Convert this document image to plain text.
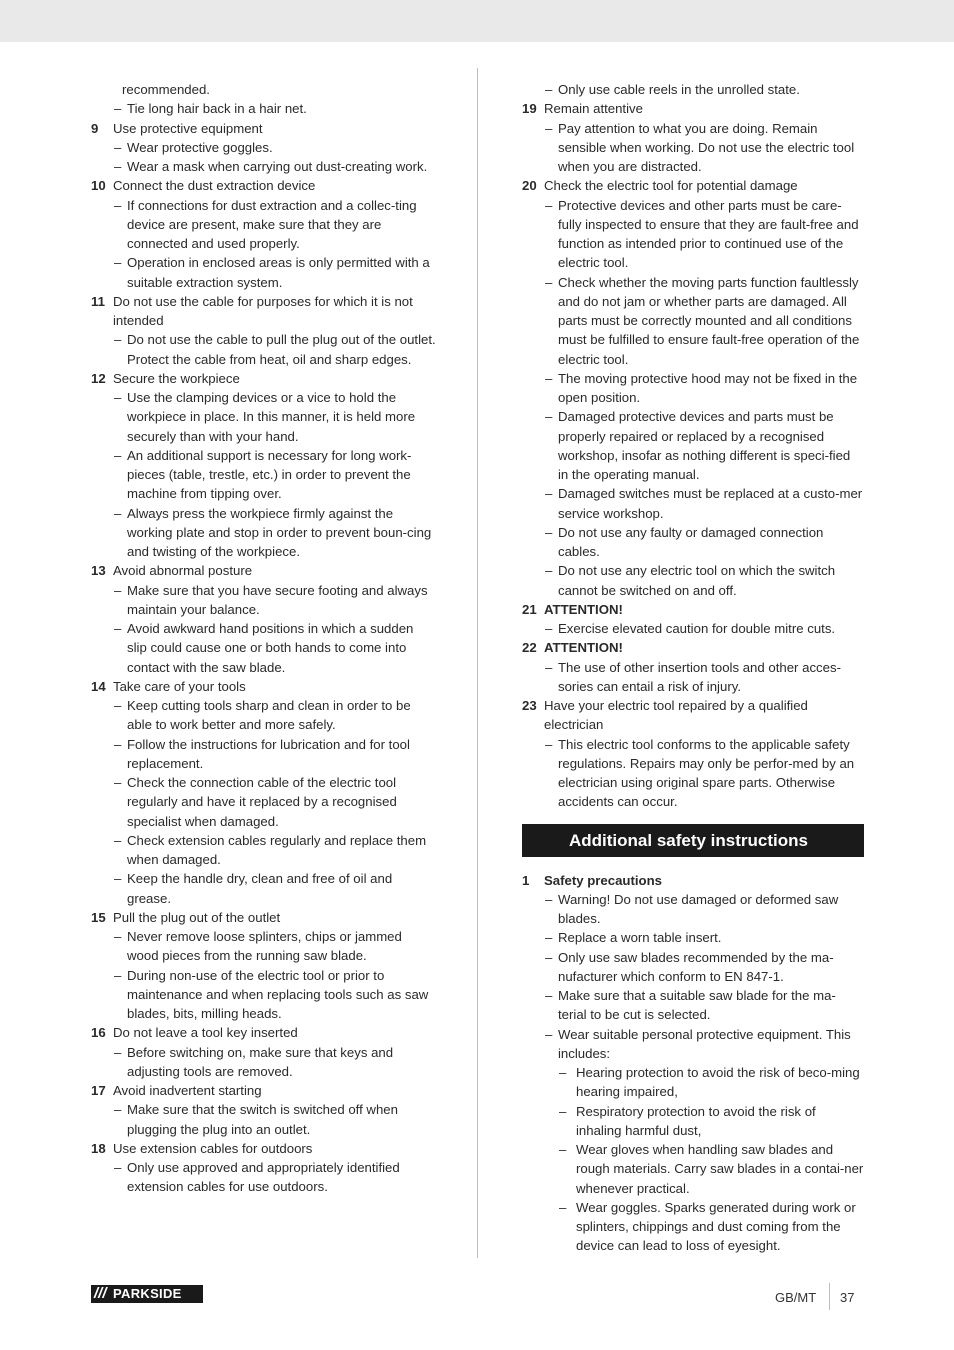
recommended.
– Tie long hair back in a hair net.
9 Use protective equipment
– Wear protective goggles.
– Wear a mask when carrying out dust-creating work.
10 Connect the dust extraction device
– If connections for dust extraction and a collec-ting device are present, make sure that they are connected and used properly.
– Operation in enclosed areas is only permitted with a suitable extraction system.
11 Do not use the cable for purposes for which it is not intended
– Do not use the cable to pull the plug out of the outlet. Protect the cable from heat, oil and sharp edges.
12 Secure the workpiece
– Use the clamping devices or a vice to hold the workpiece in place. In this manner, it is held more securely than with your hand.
– An additional support is necessary for long work-pieces (table, trestle, etc.) in order to prevent the machine from tipping over.
– Always press the workpiece firmly against the working plate and stop in order to prevent boun-cing and twisting of the workpiece.
13 Avoid abnormal posture
– Make sure that you have secure footing and always maintain your balance.
– Avoid awkward hand positions in which a sudden slip could cause one or both hands to come into contact with the saw blade.
14 Take care of your tools
– Keep cutting tools sharp and clean in order to be able to work better and more safely.
– Follow the instructions for lubrication and for tool replacement.
– Check the connection cable of the electric tool regularly and have it replaced by a recognised specialist when damaged.
– Check extension cables regularly and replace them when damaged.
– Keep the handle dry, clean and free of oil and grease.
15 Pull the plug out of the outlet
– Never remove loose splinters, chips or jammed wood pieces from the running saw blade.
– During non-use of the electric tool or prior to maintenance and when replacing tools such as saw blades, bits, milling heads.
16 Do not leave a tool key inserted
– Before switching on, make sure that keys and adjusting tools are removed.
17 Avoid inadvertent starting
– Make sure that the switch is switched off when plugging the plug into an outlet.
18 Use extension cables for outdoors
– Only use approved and appropriately identified extension cables for use outdoors.
– Only use cable reels in the unrolled state.
19 Remain attentive
– Pay attention to what you are doing. Remain sensible when working. Do not use the electric tool when you are distracted.
20 Check the electric tool for potential damage
– Protective devices and other parts must be care-fully inspected to ensure that they are fault-free and function as intended prior to continued use of the electric tool.
– Check whether the moving parts function faultlessly and do not jam or whether parts are damaged. All parts must be correctly mounted and all conditions must be fulfilled to ensure fault-free operation of the electric tool.
– The moving protective hood may not be fixed in the open position.
– Damaged protective devices and parts must be properly repaired or replaced by a recognised workshop, insofar as nothing different is speci-fied in the operating manual.
– Damaged switches must be replaced at a custo-mer service workshop.
– Do not use any faulty or damaged connection cables.
– Do not use any electric tool on which the switch cannot be switched on and off.
21 ATTENTION!
– Exercise elevated caution for double mitre cuts.
22 ATTENTION!
– The use of other insertion tools and other acces-sories can entail a risk of injury.
23 Have your electric tool repaired by a qualified electrician
– This electric tool conforms to the applicable safety regulations. Repairs may only be perfor-med by an electrician using original spare parts. Otherwise accidents can occur.
Additional safety instructions
1 Safety precautions
– Warning! Do not use damaged or deformed saw blades.
– Replace a worn table insert.
– Only use saw blades recommended by the ma-nufacturer which conform to EN 847-1.
– Make sure that a suitable saw blade for the ma-terial to be cut is selected.
– Wear suitable personal protective equipment. This includes:
– Hearing protection to avoid the risk of beco-ming hearing impaired,
– Respiratory protection to avoid the risk of inhaling harmful dust,
– Wear gloves when handling saw blades and rough materials. Carry saw blades in a contai-ner whenever practical.
– Wear goggles. Sparks generated during work or splinters, chippings and dust coming from the device can lead to loss of eyesight.
/// PARKSIDE	GB/MT 37
